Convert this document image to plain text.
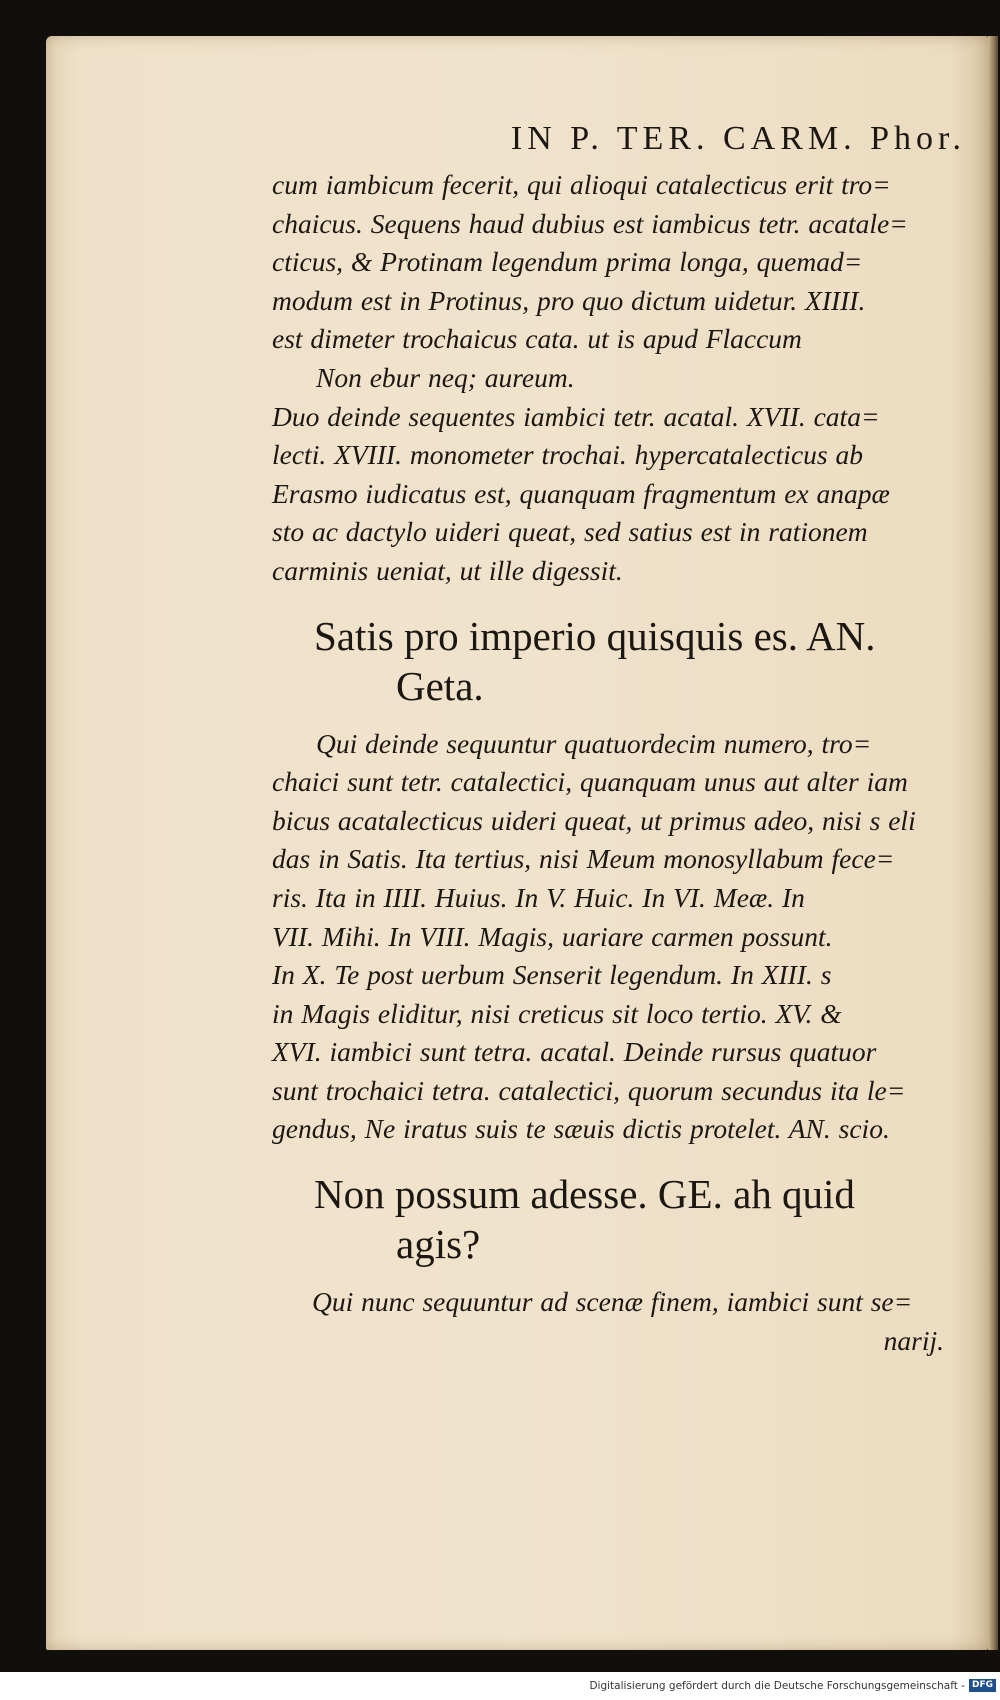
IN P. TER. CARM. Phor.
cum iambicum fecerit, qui alioqui catalecticus erit tro=
chaicus. Sequens haud dubius est iambicus tetr. acatale=
cticus, & Protinam legendum prima longa, quemad=
modum est in Protinus, pro quo dictum uidetur. XIIII.
est dimeter trochaicus cata. ut is apud Flaccum
Non ebur neq; aureum.
Duo deinde sequentes iambici tetr. acatal. XVII. cata=
lecti. XVIII. monometer trochai. hypercatalecticus ab
Erasmo iudicatus est, quanquam fragmentum ex anapæ
sto ac dactylo uideri queat, sed satius est in rationem
carminis ueniat, ut ille digessit.
Satis pro imperio quisquis es. AN.
Geta.
Qui deinde sequuntur quatuordecim numero, tro=
chaici sunt tetr. catalectici, quanquam unus aut alter iam
bicus acatalecticus uideri queat, ut primus adeo, nisi s eli
das in Satis. Ita tertius, nisi Meum monosyllabum fece=
ris. Ita in IIII. Huius. In V. Huic. In VI. Meæ. In
VII. Mihi. In VIII. Magis, uariare carmen possunt.
In X. Te post uerbum Senserit legendum. In XIII. s
in Magis eliditur, nisi creticus sit loco tertio. XV. &
XVI. iambici sunt tetra. acatal. Deinde rursus quatuor
sunt trochaici tetra. catalectici, quorum secundus ita le=
gendus, Ne iratus suis te sæuis dictis protelet. AN. scio.
Non possum adesse. GE. ah quid
agis?
Qui nunc sequuntur ad scenæ finem, iambici sunt se=
narij.
Digitalisierung gefördert durch die Deutsche Forschungsgemeinschaft - DFG
